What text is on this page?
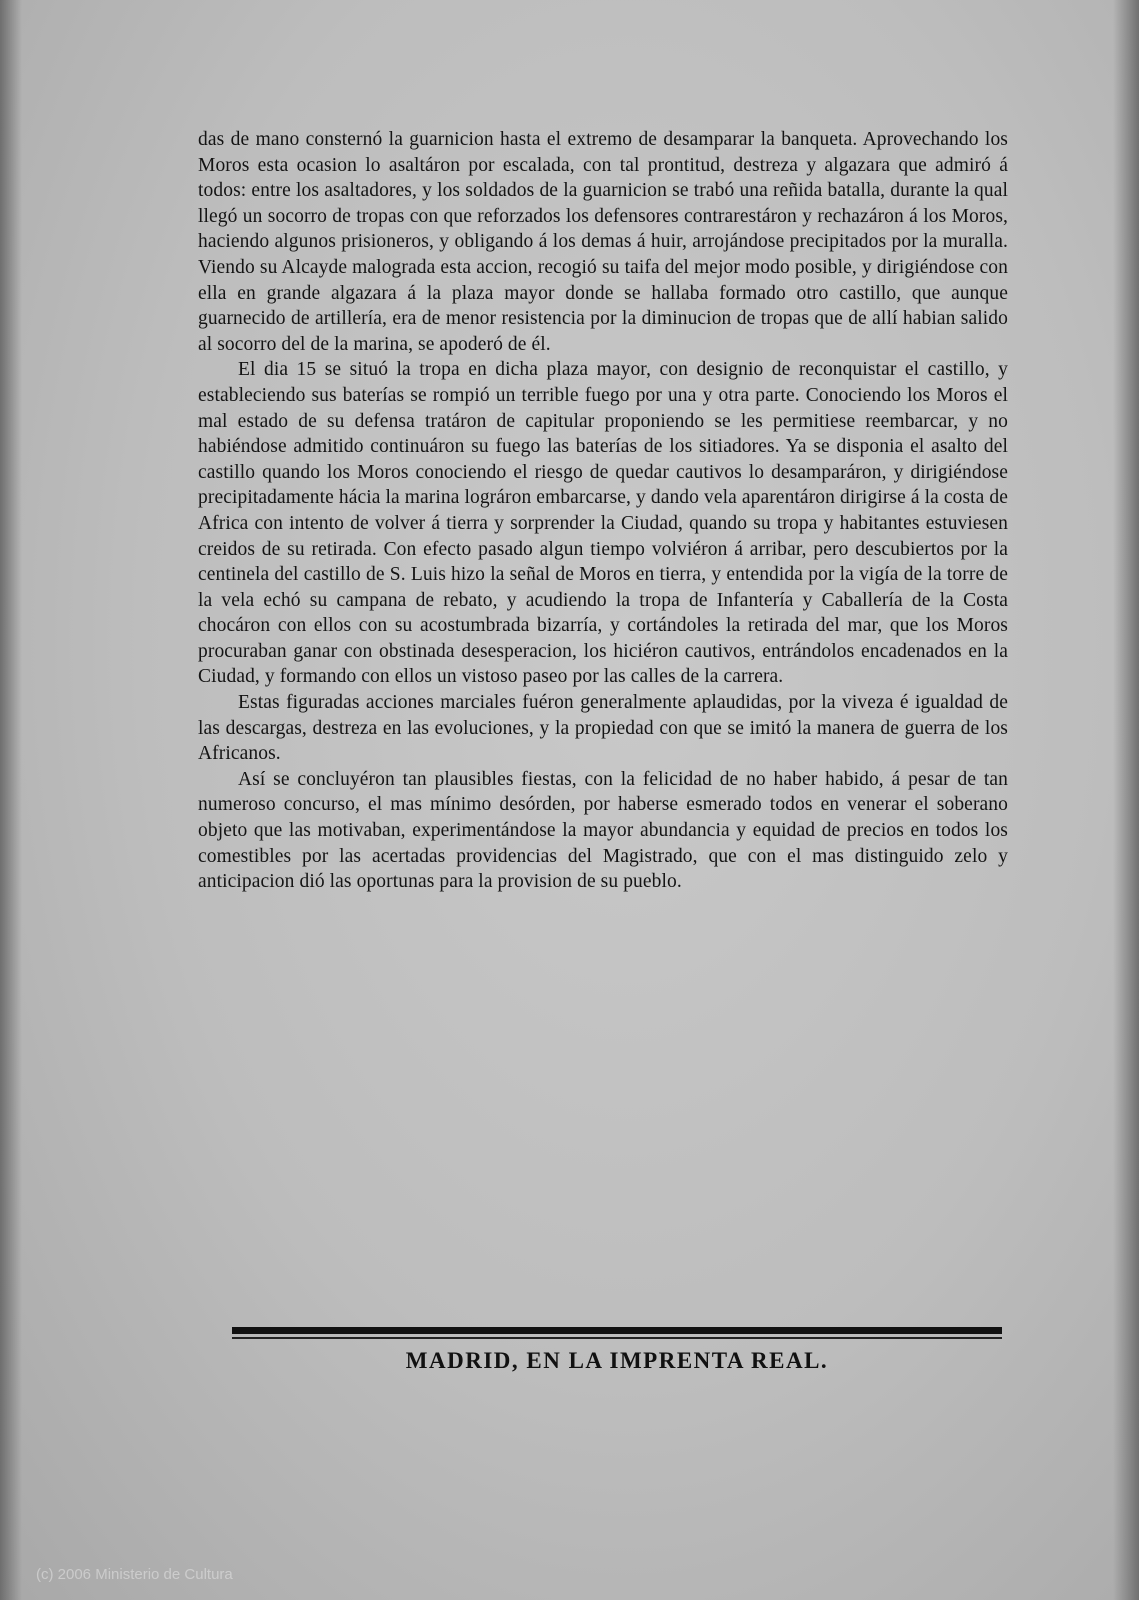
das de mano consternó la guarnicion hasta el extremo de desamparar la banqueta. Aprovechando los Moros esta ocasion lo asaltáron por escalada, con tal prontitud, destreza y algazara que admiró á todos: entre los asaltadores, y los soldados de la guarnicion se trabó una reñida batalla, durante la qual llegó un socorro de tropas con que reforzados los defensores contrarestáron y rechazáron á los Moros, haciendo algunos prisioneros, y obligando á los demas á huir, arrojándose precipitados por la muralla. Viendo su Alcayde malograda esta accion, recogió su taifa del mejor modo posible, y dirigiéndose con ella en grande algazara á la plaza mayor donde se hallaba formado otro castillo, que aunque guarnecido de artillería, era de menor resistencia por la diminucion de tropas que de allí habian salido al socorro del de la marina, se apoderó de él.

El dia 15 se situó la tropa en dicha plaza mayor, con designio de reconquistar el castillo, y estableciendo sus baterías se rompió un terrible fuego por una y otra parte. Conociendo los Moros el mal estado de su defensa tratáron de capitular proponiendo se les permitiese reembarcar, y no habiéndose admitido continuáron su fuego las baterías de los sitiadores. Ya se disponia el asalto del castillo quando los Moros conociendo el riesgo de quedar cautivos lo desamparáron, y dirigiéndose precipitadamente hácia la marina lográron embarcarse, y dando vela aparentáron dirigirse á la costa de Africa con intento de volver á tierra y sorprender la Ciudad, quando su tropa y habitantes estuviesen creidos de su retirada. Con efecto pasado algun tiempo volviéron á arribar, pero descubiertos por la centinela del castillo de S. Luis hizo la señal de Moros en tierra, y entendida por la vigía de la torre de la vela echó su campana de rebato, y acudiendo la tropa de Infantería y Caballería de la Costa chocáron con ellos con su acostumbrada bizarría, y cortándoles la retirada del mar, que los Moros procuraban ganar con obstinada desesperacion, los hiciéron cautivos, entrándolos encadenados en la Ciudad, y formando con ellos un vistoso paseo por las calles de la carrera.

Estas figuradas acciones marciales fuéron generalmente aplaudidas, por la viveza é igualdad de las descargas, destreza en las evoluciones, y la propiedad con que se imitó la manera de guerra de los Africanos.

Así se concluyéron tan plausibles fiestas, con la felicidad de no haber habido, á pesar de tan numeroso concurso, el mas mínimo desórden, por haberse esmerado todos en venerar el soberano objeto que las motivaban, experimentándose la mayor abundancia y equidad de precios en todos los comestibles por las acertadas providencias del Magistrado, que con el mas distinguido zelo y anticipacion dió las oportunas para la provision de su pueblo.

MADRID, EN LA IMPRENTA REAL.
(c) 2006 Ministerio de Cultura
